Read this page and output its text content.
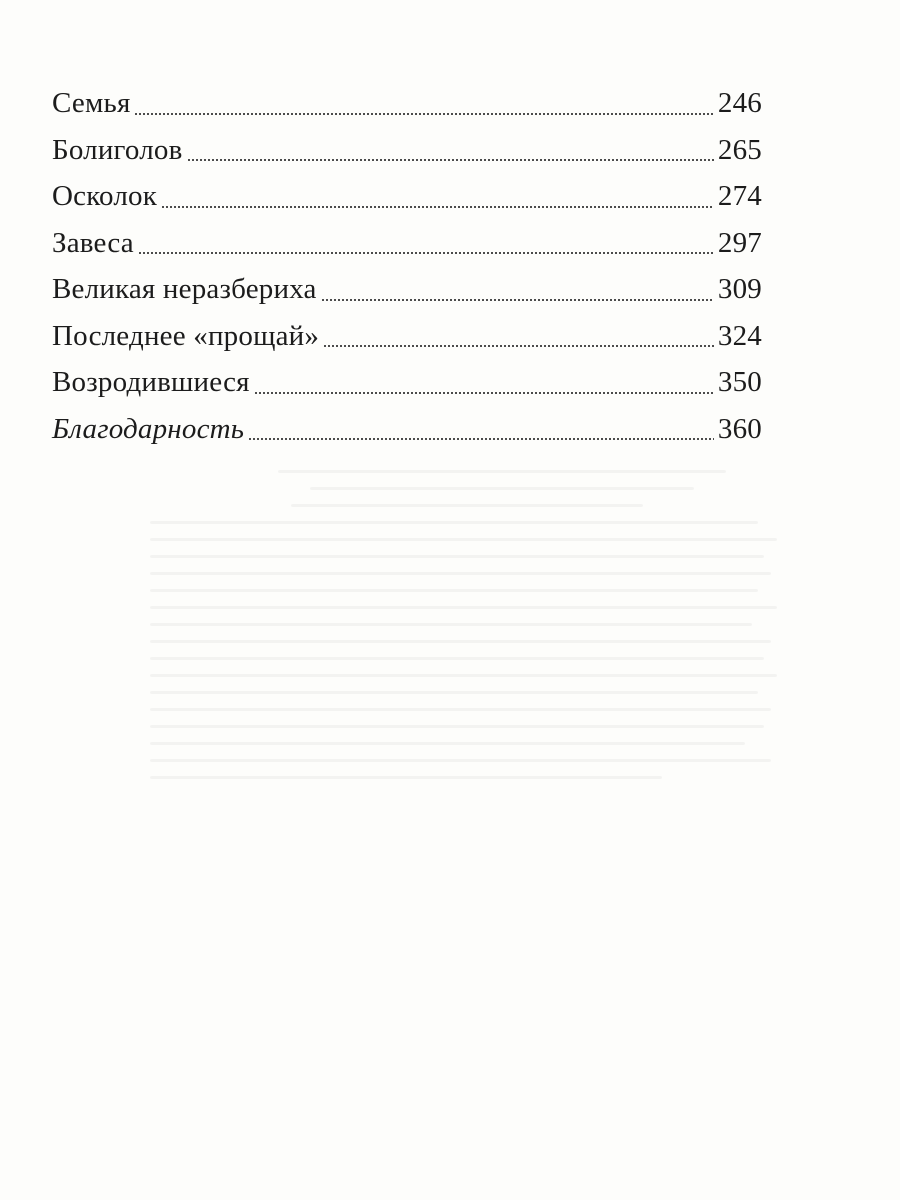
Семья	246
Болиголов	265
Осколок	274
Завеса	297
Великая неразбериха	309
Последнее «прощай»	324
Возродившиеся	350
Благодарность	360
